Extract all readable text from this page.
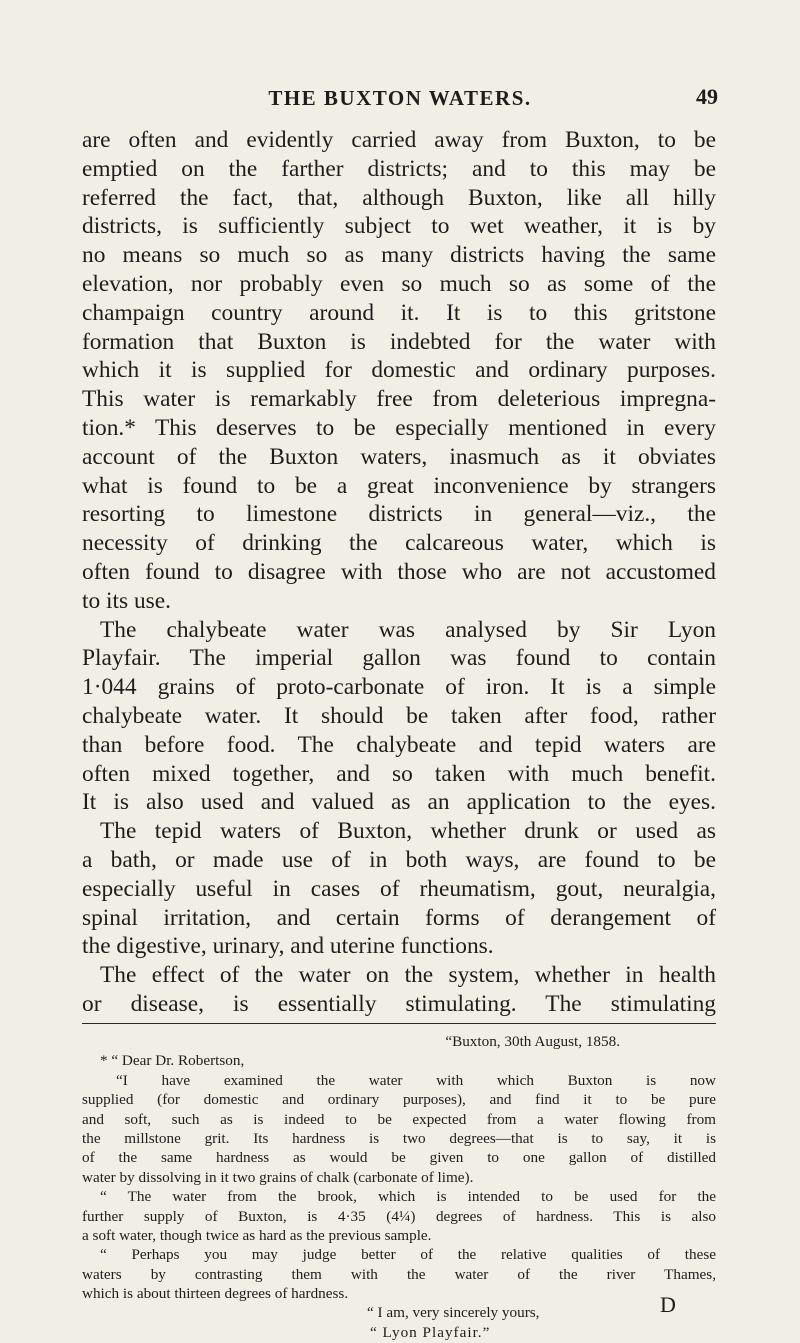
THE BUXTON WATERS.	49
are often and evidently carried away from Buxton, to be
emptied on the farther districts; and to this may be
referred the fact, that, although Buxton, like all hilly
districts, is sufficiently subject to wet weather, it is by
no means so much so as many districts having the same
elevation, nor probably even so much so as some of the
champaign country around it. It is to this gritstone
formation that Buxton is indebted for the water with
which it is supplied for domestic and ordinary purposes.
This water is remarkably free from deleterious impregna-
tion.* This deserves to be especially mentioned in every
account of the Buxton waters, inasmuch as it obviates
what is found to be a great inconvenience by strangers
resorting to limestone districts in general—viz., the
necessity of drinking the calcareous water, which is
often found to disagree with those who are not accustomed
to its use.
The chalybeate water was analysed by Sir Lyon
Playfair. The imperial gallon was found to contain
1·044 grains of proto-carbonate of iron. It is a simple
chalybeate water. It should be taken after food, rather
than before food. The chalybeate and tepid waters are
often mixed together, and so taken with much benefit.
It is also used and valued as an application to the eyes.
The tepid waters of Buxton, whether drunk or used as
a bath, or made use of in both ways, are found to be
especially useful in cases of rheumatism, gout, neuralgia,
spinal irritation, and certain forms of derangement of
the digestive, urinary, and uterine functions.
The effect of the water on the system, whether in health
or disease, is essentially stimulating. The stimulating
“Buxton, 30th August, 1858.
* “ Dear Dr. Robertson,
“I have examined the water with which Buxton is now
supplied (for domestic and ordinary purposes), and find it to be pure
and soft, such as is indeed to be expected from a water flowing from
the millstone grit. Its hardness is two degrees—that is to say, it is
of the same hardness as would be given to one gallon of distilled
water by dissolving in it two grains of chalk (carbonate of lime).
“ The water from the brook, which is intended to be used for the
further supply of Buxton, is 4·35 (4¼) degrees of hardness. This is also
a soft water, though twice as hard as the previous sample.
“ Perhaps you may judge better of the relative qualities of these
waters by contrasting them with the water of the river Thames,
which is about thirteen degrees of hardness.
“ I am, very sincerely yours,
“ Lyon Playfair.”
D
